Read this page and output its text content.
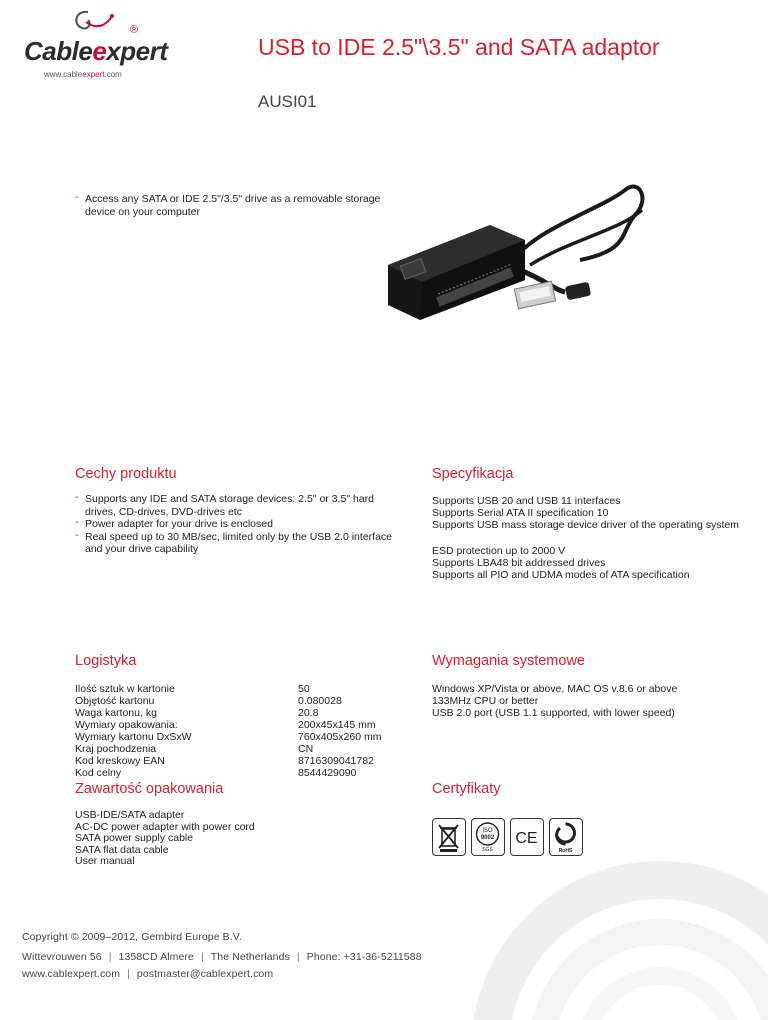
Cableexpert
®
www.cableexpert.com
USB to IDE 2.5"\3.5" and SATA adaptor
AUSI01
- Access any SATA or IDE 2.5"/3.5" drive as a removable storage device on your computer
Cechy produktu
- Supports any IDE and SATA storage devices: 2.5" or 3.5" hard drives, CD-drives, DVD-drives etc
- Power adapter for your drive is enclosed
- Real speed up to 30 MB/sec, limited only by the USB 2.0 interface and your drive capability
Specyfikacja
Supports USB 20 and USB 11 interfaces
Supports Serial ATA II specification 10
Supports USB mass storage device driver of the operating system
ESD protection up to 2000 V
Supports LBA48 bit addressed drives
Supports all PIO and UDMA modes of ATA specification
Logistyka
Ilość sztuk w kartonie
Objętość kartonu
Waga kartonu, kg
Wymiary opakowania:
Wymiary kartonu DxSxW
Kraj pochodzenia
Kod kreskowy EAN
Kod celny
50
0.080028
20.8
200x45x145 mm
760x405x260 mm
CN
8716309041782
8544429090
Wymagania systemowe
Windows XP/Vista or above, MAC OS v.8.6 or above
133MHz CPU or better
USB 2.0 port (USB 1.1 supported, with lower speed)
Zawartość opakowania
USB-IDE/SATA adapter
AC-DC power adapter with power cord
SATA power supply cable
SATA flat data cable
User manual
Certyfikaty
ISO
9002
SGS
CE
RoHS
Copyright © 2009–2012, Gembird Europe B.V.
Wittevrouwen 56 | 1358CD Almere | The Netherlands | Phone: +31-36-5211588
www.cablexpert.com | postmaster@cablexpert.com
